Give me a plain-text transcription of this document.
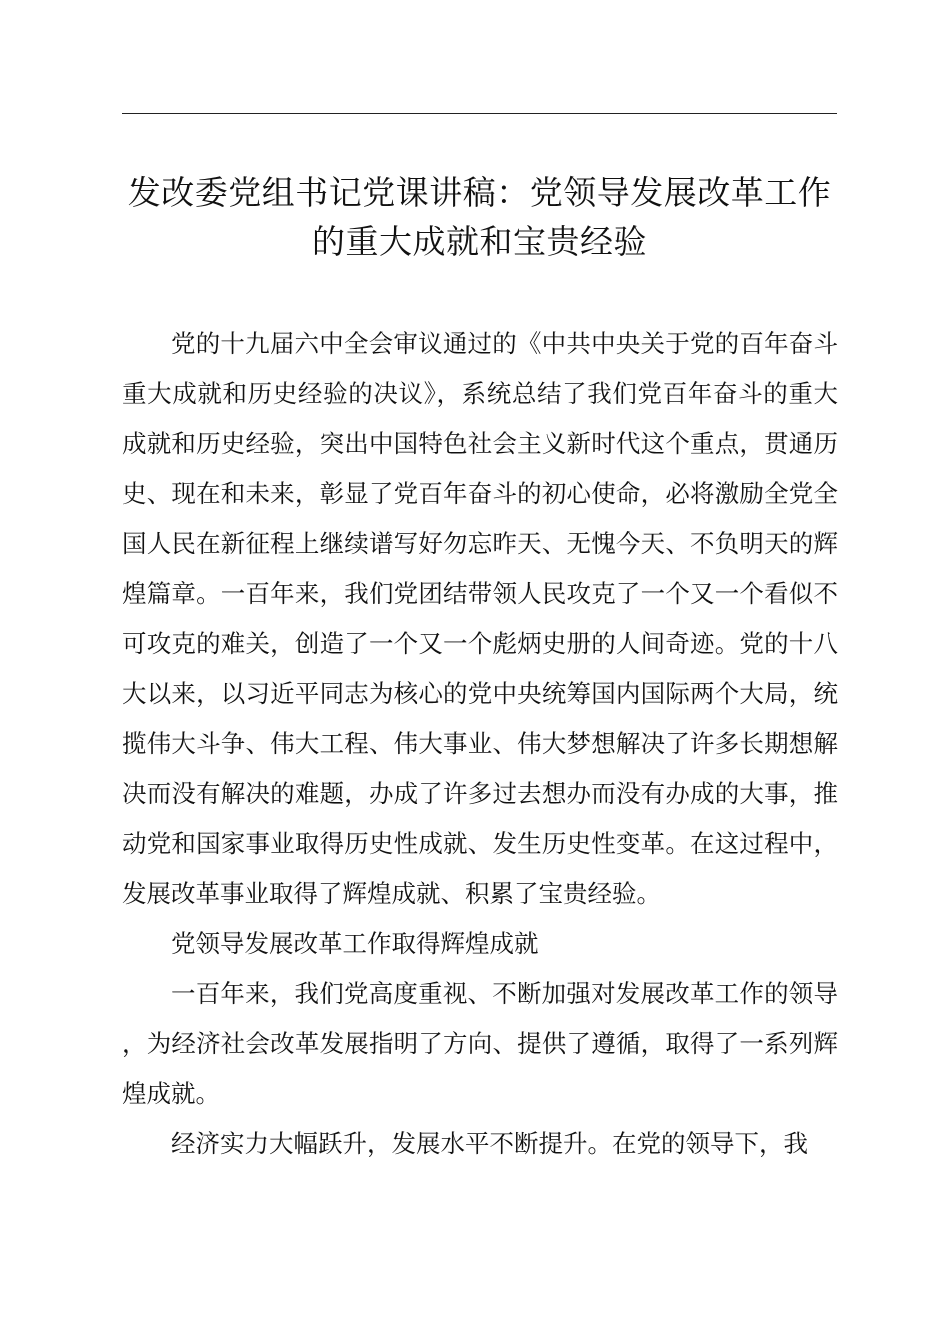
发改委党组书记党课讲稿：党领导发展改革工作的重大成就和宝贵经验

党的十九届六中全会审议通过的《中共中央关于党的百年奋斗重大成就和历史经验的决议》，系统总结了我们党百年奋斗的重大成就和历史经验，突出中国特色社会主义新时代这个重点，贯通历史、现在和未来，彰显了党百年奋斗的初心使命，必将激励全党全国人民在新征程上继续谱写好勿忘昨天、无愧今天、不负明天的辉煌篇章。一百年来，我们党团结带领人民攻克了一个又一个看似不可攻克的难关，创造了一个又一个彪炳史册的人间奇迹。党的十八大以来，以习近平同志为核心的党中央统筹国内国际两个大局，统揽伟大斗争、伟大工程、伟大事业、伟大梦想解决了许多长期想解决而没有解决的难题，办成了许多过去想办而没有办成的大事，推动党和国家事业取得历史性成就、发生历史性变革。在这过程中，发展改革事业取得了辉煌成就、积累了宝贵经验。

党领导发展改革工作取得辉煌成就

一百年来，我们党高度重视、不断加强对发展改革工作的领导，为经济社会改革发展指明了方向、提供了遵循，取得了一系列辉煌成就。

经济实力大幅跃升，发展水平不断提升。在党的领导下，我
